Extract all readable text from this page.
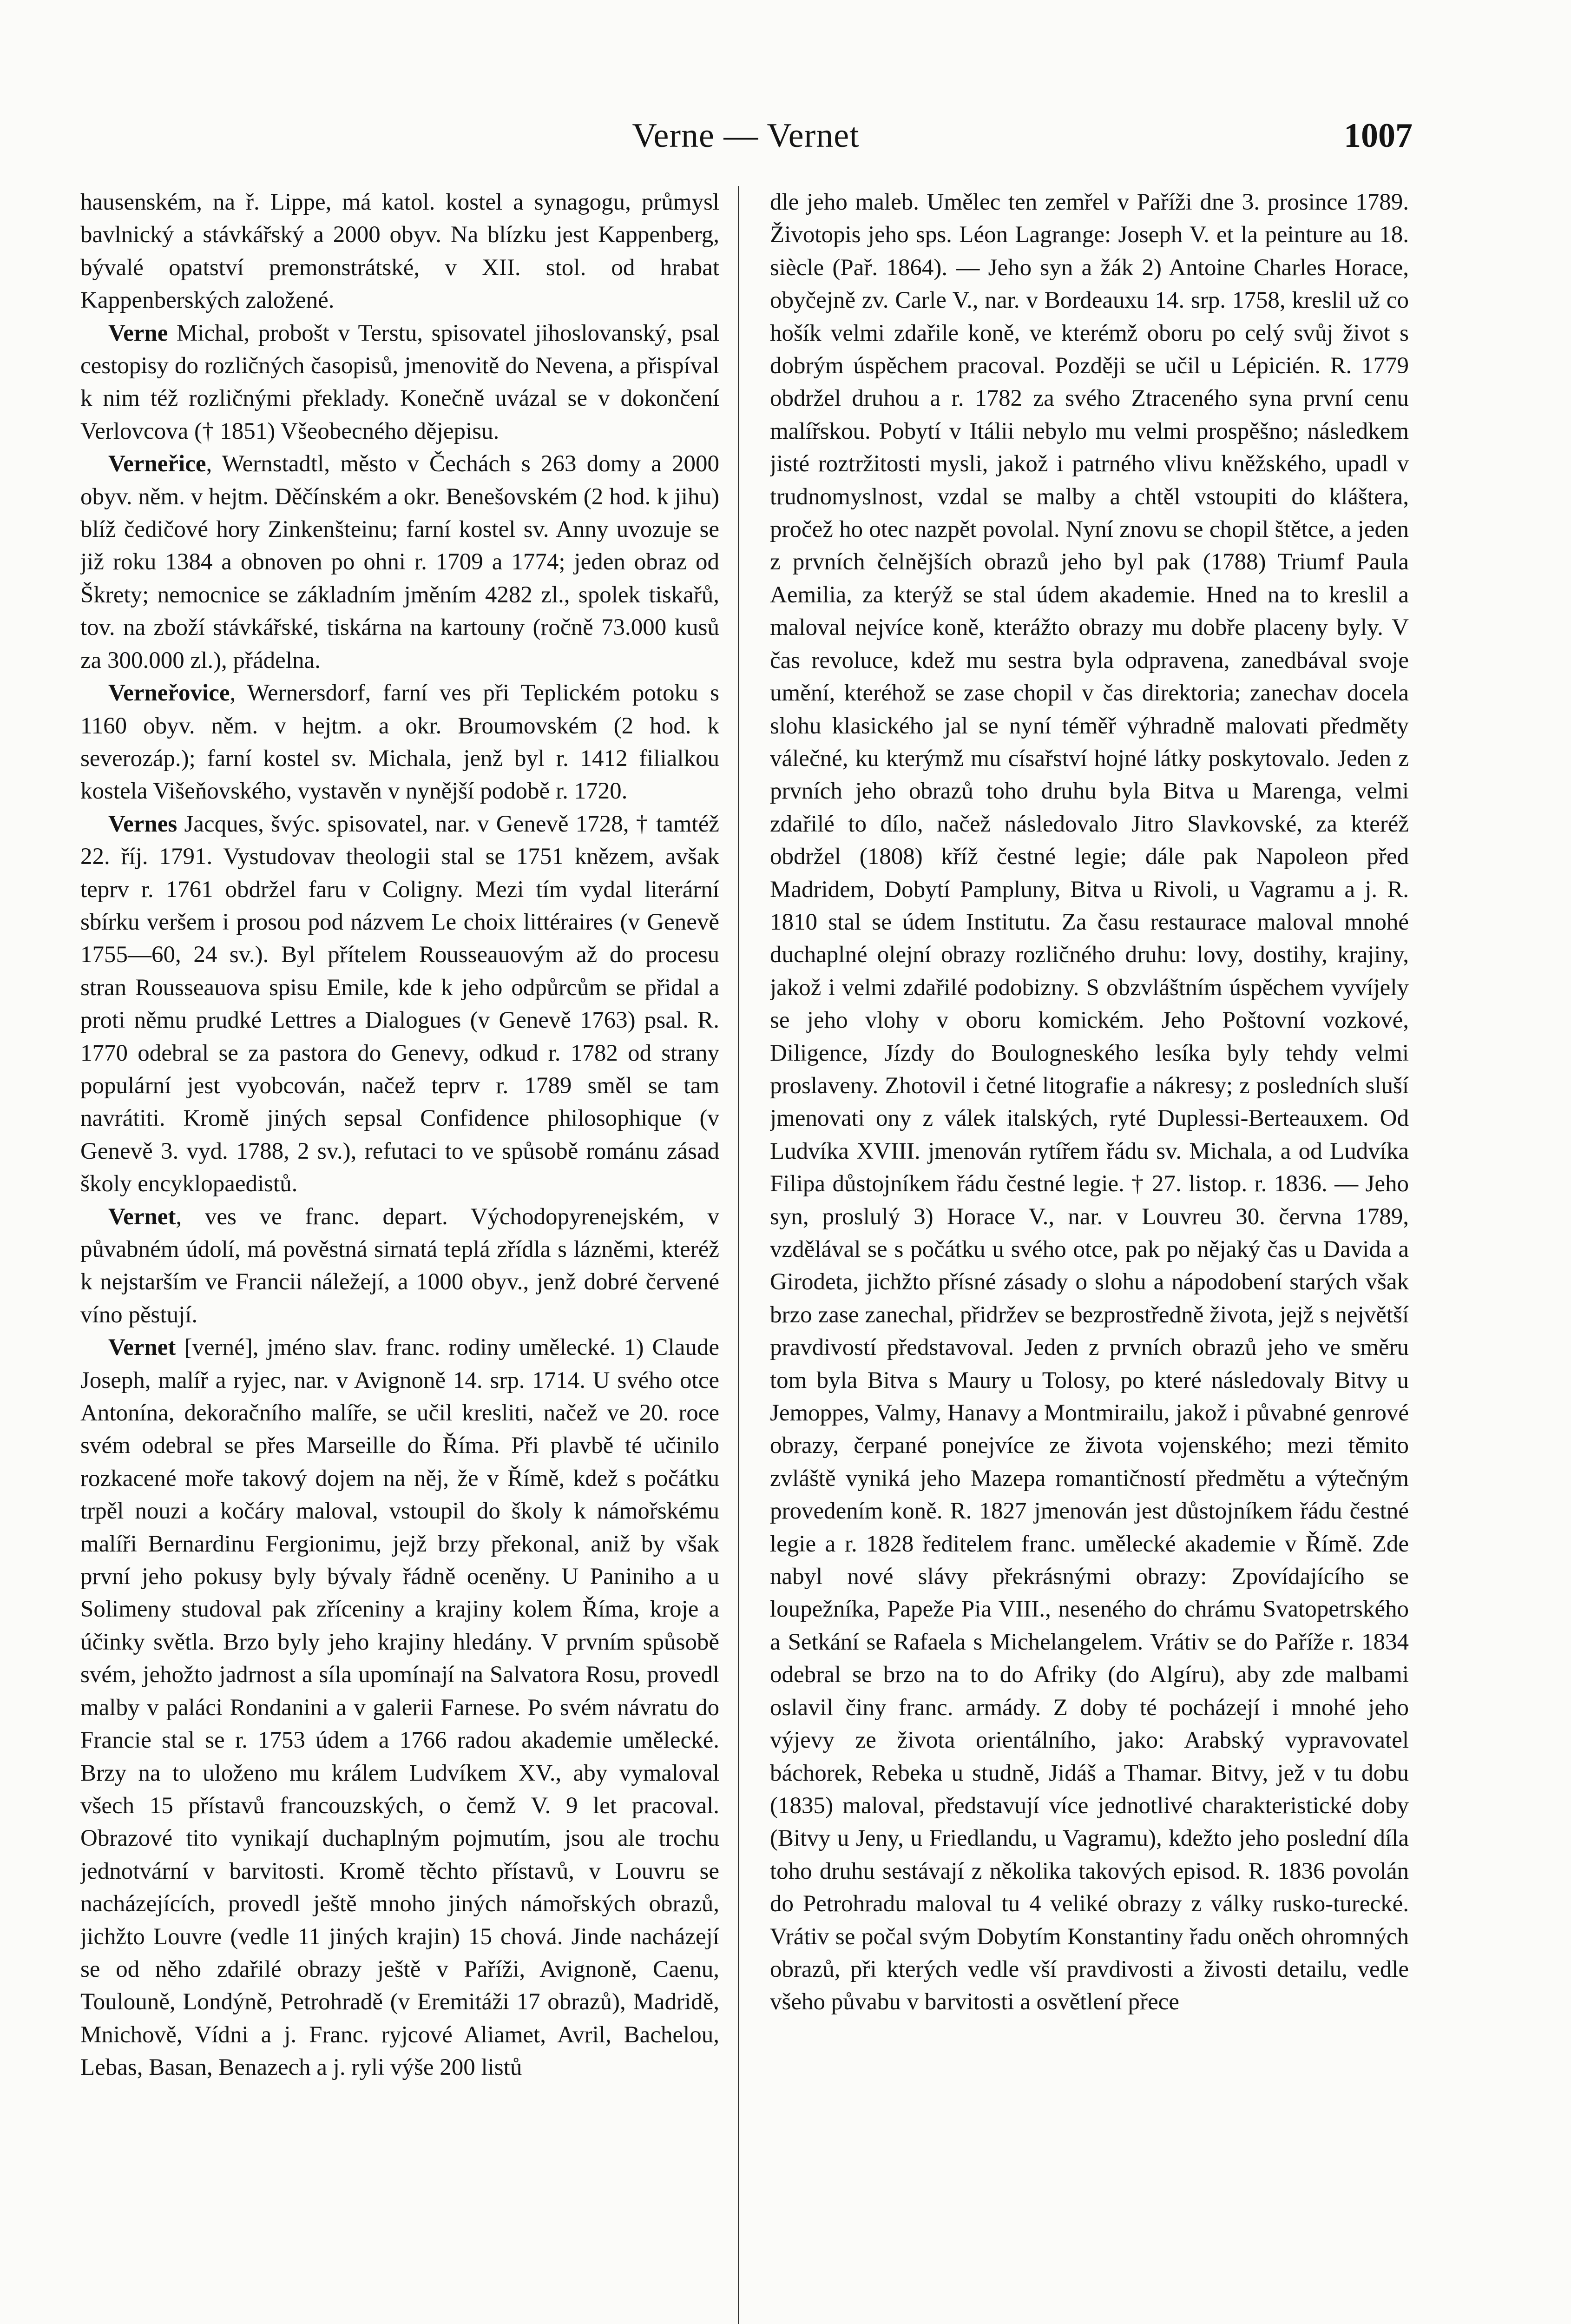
Verne — Vernet	1007

hausenském, na ř. Lippe, má katol. kostel a synagogu, průmysl bavlnický a stávkářský a 2000 obyv. Na blízku jest Kappenberg, bývalé opatství premonstrátské, v XII. stol. od hrabat Kappenberských založené.

Verne Michal, probošt v Terstu, spisovatel jihoslovanský, psal cestopisy do rozličných časopisů, jmenovitě do Nevena, a přispíval k nim též rozličnými překlady. Konečně uvázal se v dokončení Verlovcova († 1851) Všeobecného dějepisu.

Verneřice, Wernstadtl, město v Čechách s 263 domy a 2000 obyv. něm. v hejtm. Děčínském a okr. Benešovském (2 hod. k jihu) blíž čedičové hory Zinkenšteinu; farní kostel sv. Anny uvozuje se již roku 1384 a obnoven po ohni r. 1709 a 1774; jeden obraz od Škrety; nemocnice se základním jměním 4282 zl., spolek tiskařů, tov. na zboží stávkářské, tiskárna na kartouny (ročně 73.000 kusů za 300.000 zl.), přádelna.

Verneřovice, Wernersdorf, farní ves při Teplickém potoku s 1160 obyv. něm. v hejtm. a okr. Broumovském (2 hod. k severozáp.); farní kostel sv. Michala, jenž byl r. 1412 filialkou kostela Višeňovského, vystavěn v nynější podobě r. 1720.

Vernes Jacques, švýc. spisovatel, nar. v Genevě 1728, † tamtéž 22. říj. 1791. Vystudovav theologii stal se 1751 knězem, avšak teprv r. 1761 obdržel faru v Coligny. Mezi tím vydal literární sbírku veršem i prosou pod názvem Le choix littéraires (v Genevě 1755—60, 24 sv.). Byl přítelem Rousseauovým až do procesu stran Rousseauova spisu Emile, kde k jeho odpůrcům se přidal a proti němu prudké Lettres a Dialogues (v Genevě 1763) psal. R. 1770 odebral se za pastora do Genevy, odkud r. 1782 od strany populární jest vyobcován, načež teprv r. 1789 směl se tam navrátiti. Kromě jiných sepsal Confidence philosophique (v Genevě 3. vyd. 1788, 2 sv.), refutaci to ve spůsobě románu zásad školy encyklopaedistů.

Vernet, ves ve franc. depart. Východopyrenejském, v půvabném údolí, má pověstná sirnatá teplá zřídla s lázněmi, kteréž k nejstarším ve Francii náležejí, a 1000 obyv., jenž dobré červené víno pěstují.

Vernet [verné], jméno slav. franc. rodiny umělecké. 1) Claude Joseph, malíř a ryjec, nar. v Avignoně 14. srp. 1714. U svého otce Antonína, dekoračního malíře, se učil kresliti, načež ve 20. roce svém odebral se přes Marseille do Říma. Při plavbě té učinilo rozkacené moře takový dojem na něj, že v Římě, kdež s počátku trpěl nouzi a kočáry maloval, vstoupil do školy k námořskému malíři Bernardinu Fergionimu, jejž brzy překonal, aniž by však první jeho pokusy byly bývaly řádně oceněny. U Paniniho a u Solimeny studoval pak zříceniny a krajiny kolem Říma, kroje a účinky světla. Brzo byly jeho krajiny hledány. V prvním spůsobě svém, jehožto jadrnost a síla upomínají na Salvatora Rosu, provedl malby v paláci Rondanini a v galerii Farnese. Po svém návratu do Francie stal se r. 1753 údem a 1766 radou akademie umělecké. Brzy na to uloženo mu králem Ludvíkem XV., aby vymaloval všech 15 přístavů francouzských, o čemž V. 9 let pracoval. Obrazové tito vynikají duchaplným pojmutím, jsou ale trochu jednotvární v barvitosti. Kromě těchto přístavů, v Louvru se nacházejících, provedl ještě mnoho jiných námořských obrazů, jichžto Louvre (vedle 11 jiných krajin) 15 chová. Jinde nacházejí se od něho zdařilé obrazy ještě v Paříži, Avignoně, Caenu, Toulouně, Londýně, Petrohradě (v Eremitáži 17 obrazů), Madridě, Mnichově, Vídni a j. Franc. ryjcové Aliamet, Avril, Bachelou, Lebas, Basan, Benazech a j. ryli výše 200 listů

dle jeho maleb. Umělec ten zemřel v Paříži dne 3. prosince 1789. Životopis jeho sps. Léon Lagrange: Joseph V. et la peinture au 18. siècle (Pař. 1864). — Jeho syn a žák 2) Antoine Charles Horace, obyčejně zv. Carle V., nar. v Bordeauxu 14. srp. 1758, kreslil už co hošík velmi zdařile koně, ve kterémž oboru po celý svůj život s dobrým úspěchem pracoval. Později se učil u Lépicién. R. 1779 obdržel druhou a r. 1782 za svého Ztraceného syna první cenu malířskou. Pobytí v Itálii nebylo mu velmi prospěšno; následkem jisté roztržitosti mysli, jakož i patrného vlivu kněžského, upadl v trudnomyslnost, vzdal se malby a chtěl vstoupiti do kláštera, pročež ho otec nazpět povolal. Nyní znovu se chopil štětce, a jeden z prvních čelnějších obrazů jeho byl pak (1788) Triumf Paula Aemilia, za kterýž se stal údem akademie. Hned na to kreslil a maloval nejvíce koně, kterážto obrazy mu dobře placeny byly. V čas revoluce, kdež mu sestra byla odpravena, zanedbával svoje umění, kteréhož se zase chopil v čas direktoria; zanechav docela slohu klasického jal se nyní téměř výhradně malovati předměty válečné, ku kterýmž mu císařství hojné látky poskytovalo. Jeden z prvních jeho obrazů toho druhu byla Bitva u Marenga, velmi zdařilé to dílo, načež následovalo Jitro Slavkovské, za kteréž obdržel (1808) kříž čestné legie; dále pak Napoleon před Madridem, Dobytí Pampluny, Bitva u Rivoli, u Vagramu a j. R. 1810 stal se údem Institutu. Za času restaurace maloval mnohé duchaplné olejní obrazy rozličného druhu: lovy, dostihy, krajiny, jakož i velmi zdařilé podobizny. S obzvláštním úspěchem vyvíjely se jeho vlohy v oboru komickém. Jeho Poštovní vozkové, Diligence, Jízdy do Boulogneského lesíka byly tehdy velmi proslaveny. Zhotovil i četné litografie a nákresy; z posledních sluší jmenovati ony z válek italských, ryté Duplessi-Berteauxem. Od Ludvíka XVIII. jmenován rytířem řádu sv. Michala, a od Ludvíka Filipa důstojníkem řádu čestné legie. † 27. listop. r. 1836. — Jeho syn, proslulý 3) Horace V., nar. v Louvreu 30. června 1789, vzdělával se s počátku u svého otce, pak po nějaký čas u Davida a Girodeta, jichžto přísné zásady o slohu a nápodobení starých však brzo zase zanechal, přidržev se bezprostředně života, jejž s největší pravdivostí představoval. Jeden z prvních obrazů jeho ve směru tom byla Bitva s Maury u Tolosy, po které následovaly Bitvy u Jemoppes, Valmy, Hanavy a Montmirailu, jakož i půvabné genrové obrazy, čerpané ponejvíce ze života vojenského; mezi těmito zvláště vyniká jeho Mazepa romantičností předmětu a výtečným provedením koně. R. 1827 jmenován jest důstojníkem řádu čestné legie a r. 1828 ředitelem franc. umělecké akademie v Římě. Zde nabyl nové slávy překrásnými obrazy: Zpovídajícího se loupežníka, Papeže Pia VIII., neseného do chrámu Svatopetrského a Setkání se Rafaela s Michelangelem. Vrátiv se do Paříže r. 1834 odebral se brzo na to do Afriky (do Algíru), aby zde malbami oslavil činy franc. armády. Z doby té pocházejí i mnohé jeho výjevy ze života orientálního, jako: Arabský vypravovatel báchorek, Rebeka u studně, Jidáš a Thamar. Bitvy, jež v tu dobu (1835) maloval, představují více jednotlivé charakteristické doby (Bitvy u Jeny, u Friedlandu, u Vagramu), kdežto jeho poslední díla toho druhu sestávají z několika takových episod. R. 1836 povolán do Petrohradu maloval tu 4 veliké obrazy z války rusko-turecké. Vrátiv se počal svým Dobytím Konstantiny řadu oněch ohromných obrazů, při kterých vedle vší pravdivosti a živosti detailu, vedle všeho půvabu v barvitosti a osvětlení přece
